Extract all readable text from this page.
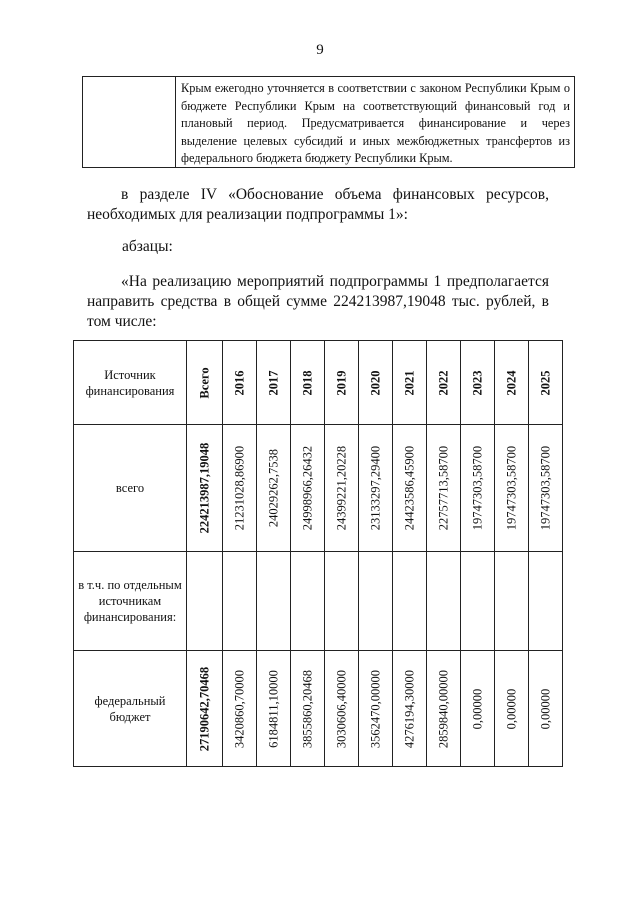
9
Крым ежегодно уточняется в соответствии с законом Республики Крым о бюджете Республики Крым на соответствующий финансовый год и плановый период. Предусматривается финансирование и через выделение целевых субсидий и иных межбюджетных трансфертов из федерального бюджета бюджету Республики Крым.
в разделе IV «Обоснование объема финансовых ресурсов, необходимых для реализации подпрограммы 1»:
абзацы:
«На реализацию мероприятий подпрограммы 1 предполагается направить средства в общей сумме 224213987,19048 тыс. рублей, в том числе:
Источник финансирования	Всего	2016	2017	2018	2019	2020	2021	2022	2023	2024	2025

всего	224213987,19048	21231028,86900	24029262,7538	24998966,26432	24399221,20228	23133297,29400	24423586,45900	22757713,58700	19747303,58700	19747303,58700	19747303,58700

в т.ч. по отдельным источникам финансирования:	

федеральный бюджет	27190642,70468	3420860,70000	6184811,10000	3855860,20468	3030606,40000	3562470,00000	4276194,30000	2859840,00000	0,00000	0,00000	0,00000
